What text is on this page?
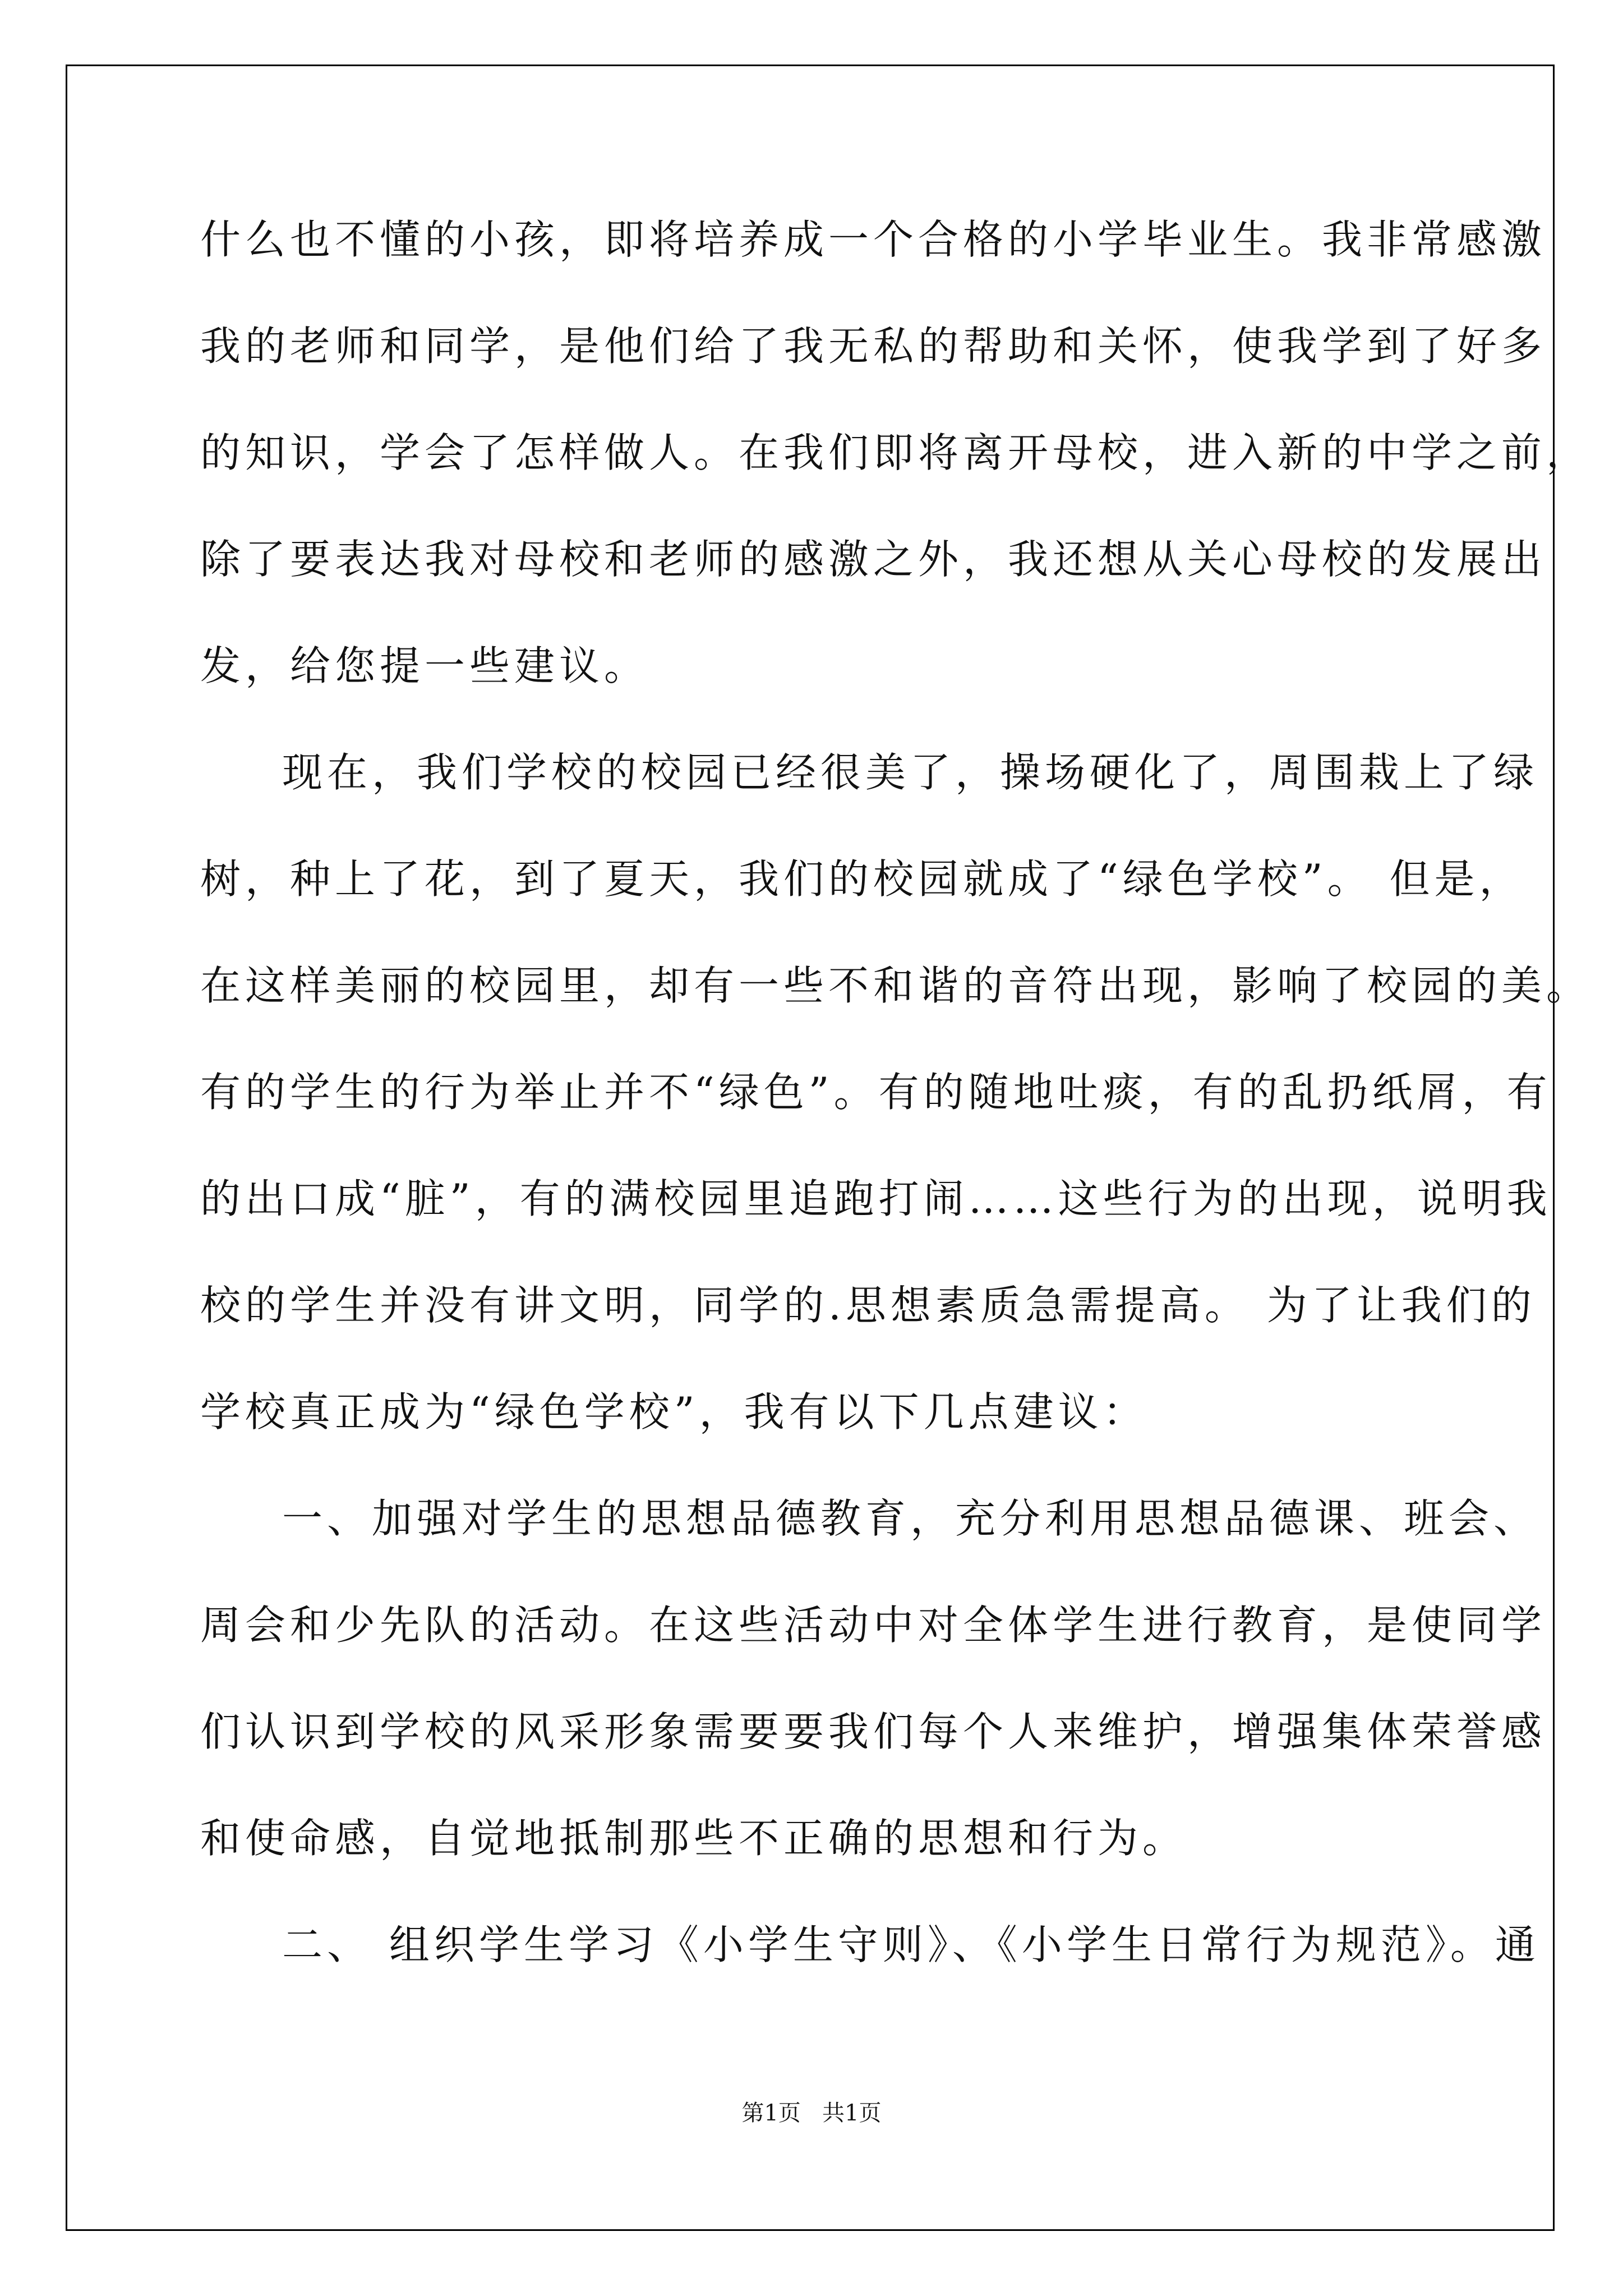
什么也不懂的小孩，即将培养成一个合格的小学毕业生。我非常感激
我的老师和同学，是他们给了我无私的帮助和关怀，使我学到了好多
的知识，学会了怎样做人。在我们即将离开母校，进入新的中学之前，
除了要表达我对母校和老师的感激之外，我还想从关心母校的发展出
发，给您提一些建议。
现在，我们学校的校园已经很美了，操场硬化了，周围栽上了绿
树，种上了花，到了夏天，我们的校园就成了“绿色学校”。 但是，
在这样美丽的校园里，却有一些不和谐的音符出现，影响了校园的美。
有的学生的行为举止并不“绿色”。有的随地吐痰，有的乱扔纸屑，有
的出口成“脏”，有的满校园里追跑打闹……这些行为的出现，说明我
校的学生并没有讲文明，同学的.思想素质急需提高。 为了让我们的
学校真正成为“绿色学校”，我有以下几点建议：
一、加强对学生的思想品德教育，充分利用思想品德课、班会、
周会和少先队的活动。在这些活动中对全体学生进行教育，是使同学
们认识到学校的风采形象需要要我们每个人来维护，增强集体荣誉感
和使命感，自觉地抵制那些不正确的思想和行为。
二、 组织学生学习《小学生守则》、《小学生日常行为规范》。通
第1页   共1页
